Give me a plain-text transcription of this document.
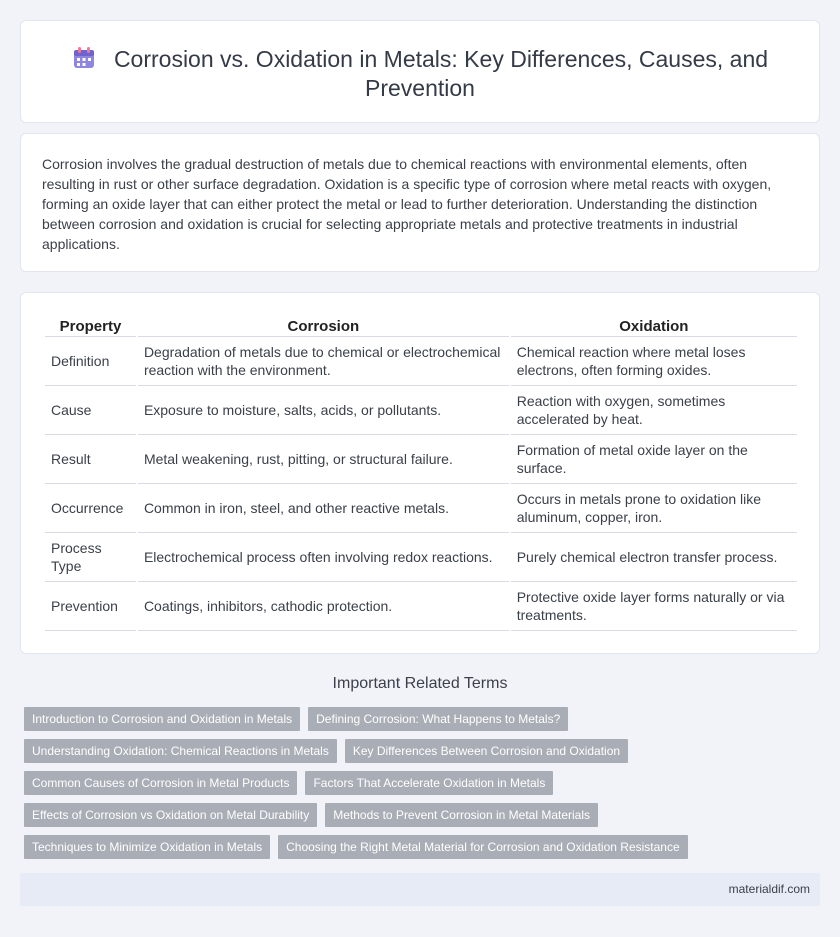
Corrosion vs. Oxidation in Metals: Key Differences, Causes, and Prevention

Corrosion involves the gradual destruction of metals due to chemical reactions with environmental elements, often resulting in rust or other surface degradation. Oxidation is a specific type of corrosion where metal reacts with oxygen, forming an oxide layer that can either protect the metal or lead to further deterioration. Understanding the distinction between corrosion and oxidation is crucial for selecting appropriate metals and protective treatments in industrial applications.

Property	Corrosion	Oxidation
Definition	Degradation of metals due to chemical or electrochemical reaction with the environment.	Chemical reaction where metal loses electrons, often forming oxides.
Cause	Exposure to moisture, salts, acids, or pollutants.	Reaction with oxygen, sometimes accelerated by heat.
Result	Metal weakening, rust, pitting, or structural failure.	Formation of metal oxide layer on the surface.
Occurrence	Common in iron, steel, and other reactive metals.	Occurs in metals prone to oxidation like aluminum, copper, iron.
Process Type	Electrochemical process often involving redox reactions.	Purely chemical electron transfer process.
Prevention	Coatings, inhibitors, cathodic protection.	Protective oxide layer forms naturally or via treatments.
Important Related Terms
Introduction to Corrosion and Oxidation in Metals	Defining Corrosion: What Happens to Metals?
Understanding Oxidation: Chemical Reactions in Metals	Key Differences Between Corrosion and Oxidation
Common Causes of Corrosion in Metal Products	Factors That Accelerate Oxidation in Metals
Effects of Corrosion vs Oxidation on Metal Durability	Methods to Prevent Corrosion in Metal Materials
Techniques to Minimize Oxidation in Metals	Choosing the Right Metal Material for Corrosion and Oxidation Resistance
materialdif.com
